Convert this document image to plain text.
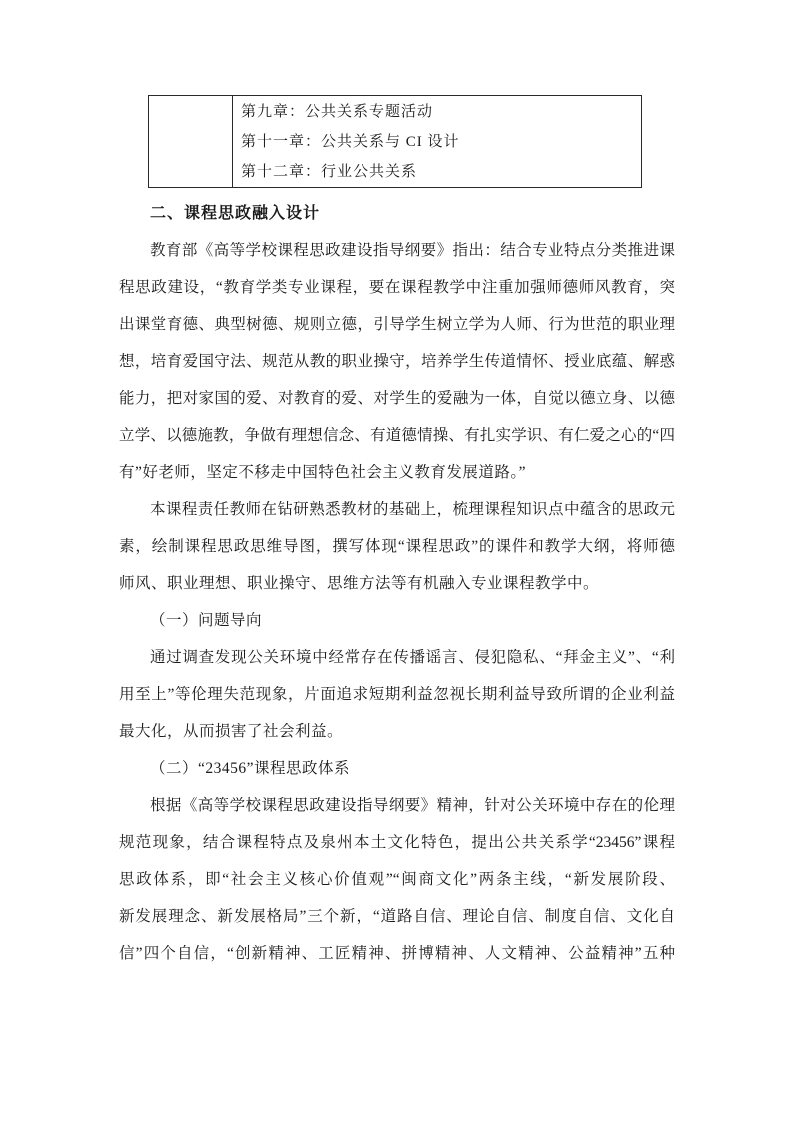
第九章：公共关系专题活动
第十一章：公共关系与 CI 设计
第十二章：行业公共关系
二、课程思政融入设计
教育部《高等学校课程思政建设指导纲要》指出：结合专业特点分类推进课
程思政建设，“教育学类专业课程，要在课程教学中注重加强师德师风教育，突
出课堂育德、典型树德、规则立德，引导学生树立学为人师、行为世范的职业理
想，培育爱国守法、规范从教的职业操守，培养学生传道情怀、授业底蕴、解惑
能力，把对家国的爱、对教育的爱、对学生的爱融为一体，自觉以德立身、以德
立学、以德施教，争做有理想信念、有道德情操、有扎实学识、有仁爱之心的“四
有”好老师，坚定不移走中国特色社会主义教育发展道路。”
本课程责任教师在钻研熟悉教材的基础上，梳理课程知识点中蕴含的思政元
素，绘制课程思政思维导图，撰写体现“课程思政”的课件和教学大纲，将师德
师风、职业理想、职业操守、思维方法等有机融入专业课程教学中。
（一）问题导向
通过调查发现公关环境中经常存在传播谣言、侵犯隐私、“拜金主义”、“利
用至上”等伦理失范现象，片面追求短期利益忽视长期利益导致所谓的企业利益
最大化，从而损害了社会利益。
（二）“23456”课程思政体系
根据《高等学校课程思政建设指导纲要》精神，针对公关环境中存在的伦理
规范现象，结合课程特点及泉州本土文化特色，提出公共关系学“23456”课程
思政体系，即“社会主义核心价值观”“闽商文化”两条主线，“新发展阶段、
新发展理念、新发展格局”三个新，“道路自信、理论自信、制度自信、文化自
信”四个自信，“创新精神、工匠精神、拼博精神、人文精神、公益精神”五种
